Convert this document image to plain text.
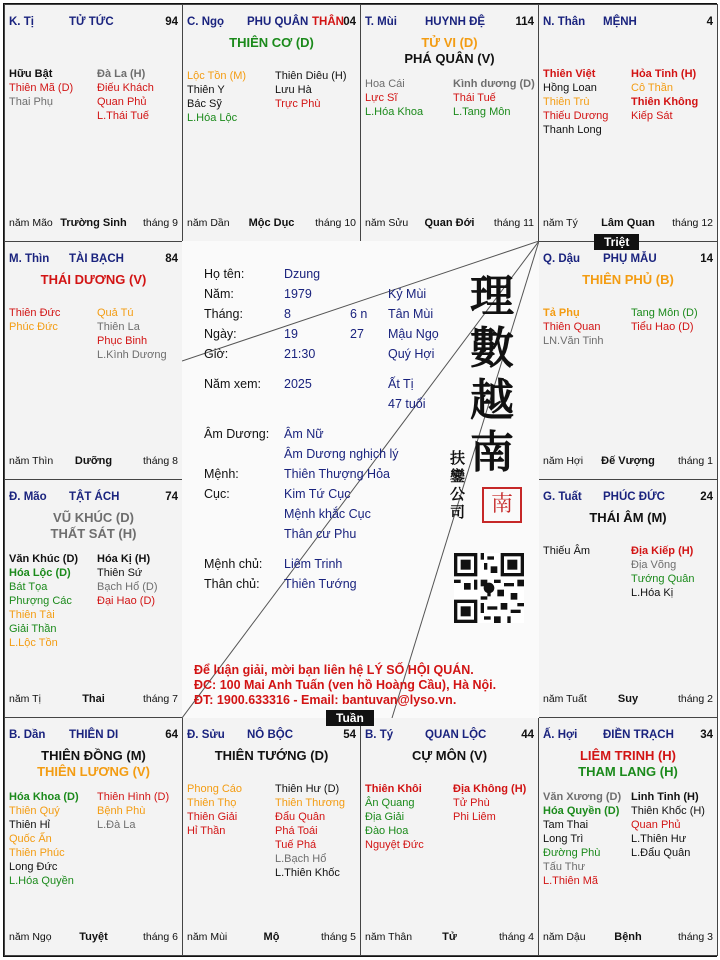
K. Tị	TỬ TỨC	94
Hữu Bật
Thiên Mã (D)
Thai Phụ
Đà La (H)
Điếu Khách
Quan Phủ
L.Thái Tuế
năm Mão Trường Sinh	tháng 9
C. Ngọ PHU QUÂN THÂN 04
THIÊN CƠ (D)
Lộc Tồn (M)
Thiên Y
Bác Sỹ
L.Hóa Lộc
Thiên Diêu (H)
Lưu Hà
Trực Phù
năm Dần	Mộc Dục	tháng 10
T. Mùi HUYNH ĐỆ	114
TỬ VI (D)
PHÁ QUÂN (V)
Hoa Cái
Lực Sĩ
L.Hóa Khoa
Kình dương (D)
Thái Tuế
L.Tang Môn
năm Sửu	Quan Đới	tháng 11
N. Thân MỆNH	4
Thiên Việt
Hồng Loan
Thiên Trù
Thiếu Dương
Thanh Long
Hỏa Tinh (H)
Cô Thần
Thiên Không
Kiếp Sát
năm Tý	Lâm Quan	tháng 12
M. Thìn TÀI BẠCH	84
THÁI DƯƠNG (V)
Thiên Đức
Phúc Đức
Quả Tú
Thiên La
Phục Binh
L.Kình Dương
năm Thìn	Dưỡng	tháng 8
Q. Dậu PHỤ MẪU	14
THIÊN PHỦ (B)
Tả Phụ
Thiên Quan
LN.Văn Tinh
Tang Môn (D)
Tiểu Hao (D)
năm Hợi	Đế Vượng	tháng 1
Đ. Mão TẬT ÁCH	74
VŨ KHÚC (D)
THẤT SÁT (H)
Văn Khúc (D)
Hóa Lộc (D)
Bát Tọa
Phượng Các
Thiên Tài
Giải Thần
L.Lộc Tồn
Hóa Kị (H)
Thiên Sứ
Bạch Hổ (D)
Đại Hao (D)
năm Tị	Thai	tháng 7
G. Tuất PHÚC ĐỨC	24
THÁI ÂM (M)
Thiếu Âm	Địa Kiếp (H)
Địa Võng
Tướng Quân
L.Hóa Kị
năm Tuất	Suy	tháng 2
B. Dần THIÊN DI	64
THIÊN ĐỒNG (M)
THIÊN LƯƠNG (V)
Hóa Khoa (D)
Thiên Quý
Thiên Hỉ
Quốc Ấn
Thiên Phúc
Long Đức
L.Hóa Quyền
Thiên Hình (D)
Bệnh Phù
L.Đà La
năm Ngọ	Tuyệt	tháng 6
Đ. Sửu NÔ BỘC	54
THIÊN TƯỚNG (D)
Phong Cáo
Thiên Thọ
Thiên Giải
Hỉ Thần
Thiên Hư (D)
Thiên Thương
Đẩu Quân
Phá Toái
Tuế Phá
L.Bạch Hổ
L.Thiên Khốc
năm Mùi	Mộ	tháng 5
B. Tý	QUAN LỘC	44
CỰ MÔN (V)
Thiên Khôi
Ân Quang
Địa Giải
Đào Hoa
Nguyệt Đức
Địa Không (H)
Tử Phù
Phi Liêm
năm Thân	Tử	tháng 4
Ấ. Hợi ĐIỀN TRẠCH 34
LIÊM TRINH (H)
THAM LANG (H)
Văn Xương (D)
Hóa Quyền (D)
Tam Thai
Long Trì
Đường Phù
Tấu Thư
L.Thiên Mã
Linh Tinh (H)
Thiên Khốc (H)
Quan Phủ
L.Thiên Hư
L.Đẩu Quân
năm Dậu	Bệnh	tháng 3
Họ tên:	Dzung
Năm:	1979	Kỷ Mùi
Tháng:	8	6 n Tân Mùi
Ngày:	19	27 Mậu Ngọ
Giờ:	21:30	Quý Hợi
Năm xem: 2025	Ất Tị
47 tuổi
Âm Dương: Âm Nữ
Âm Dương nghịch lý
Mệnh:	Thiên Thượng Hỏa
Cục:	Kim Tứ Cục
Mệnh khắc Cục
Thân cư Phu
Mệnh chủ: Liêm Trinh
Thân chủ: Thiên Tướng
理
數
越
南
扶
鑾
公
司	南
Để luận giải, mời bạn liên hệ LÝ SỐ HỘI QUÁN.
ĐC: 100 Mai Anh Tuấn (ven hồ Hoàng Cầu), Hà Nội.
ĐT: 1900.633316 - Email: bantuvan@lyso.vn.
Triệt
Tuần
